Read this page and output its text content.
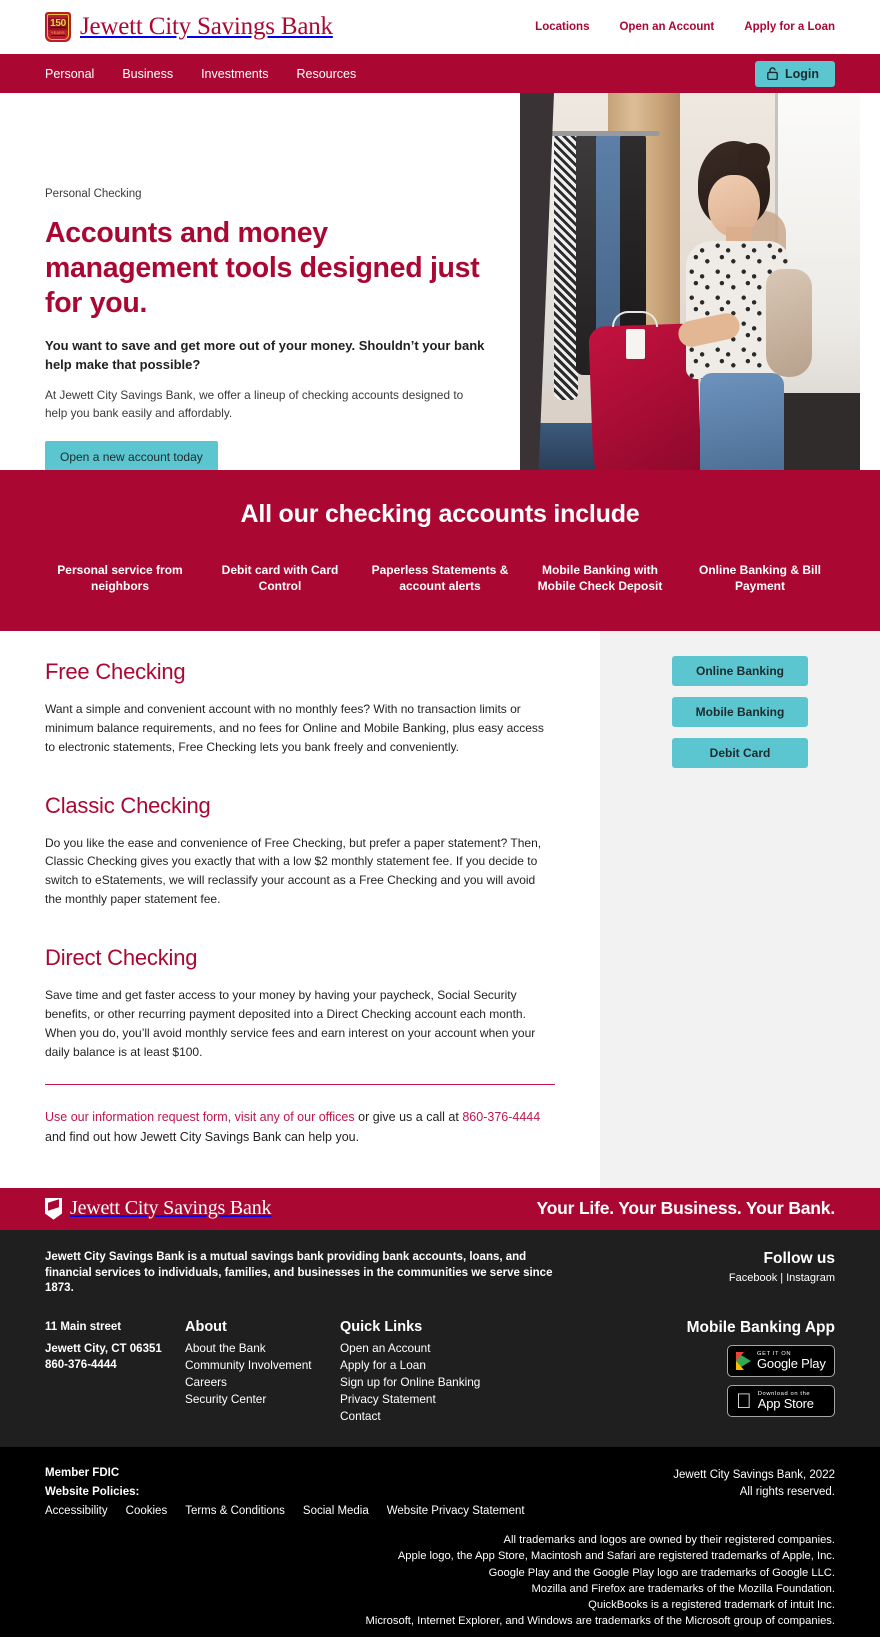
150
YEARS Jewett City Savings Bank	Locations	Open an Account	Apply for a Loan
Personal Business Investments Resources	Login
Personal Checking
Accounts and money management tools designed just for you.
You want to save and get more out of your money. Shouldn’t your bank help make that possible?
At Jewett City Savings Bank, we offer a lineup of checking accounts designed to help you bank easily and affordably.
Open a new account today
All our checking accounts include
Personal service from neighbors
Debit card with Card Control
Paperless Statements & account alerts
Mobile Banking with Mobile Check Deposit
Online Banking & Bill Payment
Free Checking

Want a simple and convenient account with no monthly fees? With no transaction limits or minimum balance requirements, and no fees for Online and Mobile Banking, plus easy access to electronic statements, Free Checking lets you bank freely and conveniently.

Classic Checking

Do you like the ease and convenience of Free Checking, but prefer a paper statement? Then, Classic Checking gives you exactly that with a low $2 monthly statement fee. If you decide to switch to eStatements, we will reclassify your account as a Free Checking and you will avoid the monthly paper statement fee.

Direct Checking

Save time and get faster access to your money by having your paycheck, Social Security benefits, or other recurring payment deposited into a Direct Checking account each month. When you do, you’ll avoid monthly service fees and earn interest on your account when your daily balance is at least $100.

Use our information request form, visit any of our offices or give us a call at 860-376-4444 and find out how Jewett City Savings Bank can help you.

Online Banking
Mobile Banking
Debit Card
Jewett City Savings Bank	Your Life. Your Business. Your Bank.
Jewett City Savings Bank is a mutual savings bank providing bank accounts, loans, and financial services to individuals, families, and businesses in the communities we serve since 1873.
Follow us
Facebook | Instagram
11 Main street
Jewett City, CT 06351
860-376-4444
About
About the Bank
Community Involvement
Careers
Security Center
Quick Links
Open an Account
Apply for a Loan
Sign up for Online Banking
Privacy Statement
Contact
Mobile Banking App
GET IT ON
Google Play
Download on the
App Store
Member FDIC
Website Policies:
Accessibility Cookies Terms & Conditions Social Media Website Privacy Statement
Jewett City Savings Bank, 2022
All rights reserved.
All trademarks and logos are owned by their registered companies.
Apple logo, the App Store, Macintosh and Safari are registered trademarks of Apple, Inc.
Google Play and the Google Play logo are trademarks of Google LLC.
Mozilla and Firefox are trademarks of the Mozilla Foundation.
QuickBooks is a registered trademark of intuit Inc.
Microsoft, Internet Explorer, and Windows are trademarks of the Microsoft group of companies.
